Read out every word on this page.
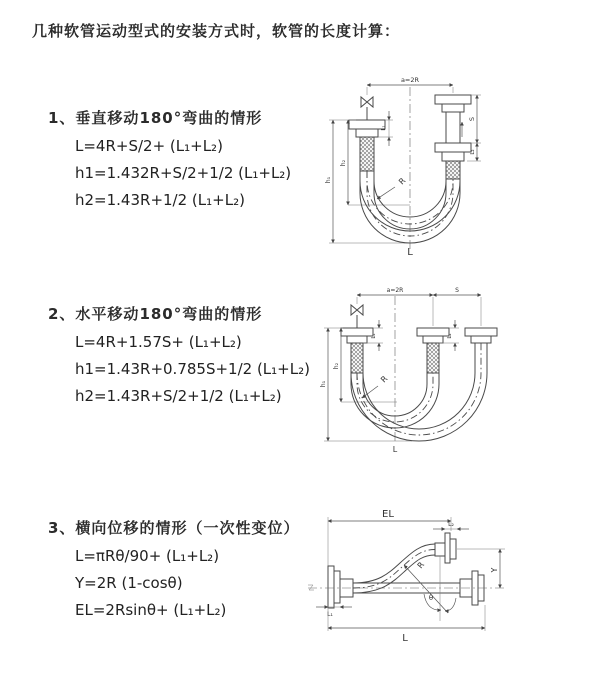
几种软管运动型式的安装方式时，软管的长度计算：
1、垂直移动180°弯曲的情形
L=4R+S/2+ (L₁+L₂)
h1=1.432R+S/2+1/2 (L₁+L₂)
h2=1.43R+1/2 (L₁+L₂)
2、水平移动180°弯曲的情形
L=4R+1.57S+ (L₁+L₂)
h1=1.43R+0.785S+1/2 (L₁+L₂)
h2=1.43R+S/2+1/2 (L₁+L₂)
3、横向位移的情形（一次性变位）
L=πRθ/90+ (L₁+L₂)
Y=2R (1-cosθ)
EL=2Rsinθ+ (L₁+L₂)
a=2R
S
L₂
L₁
h₁
h₂
R
L
a=2R	S
L₁	L₂
h₁
h₂
R
L
EL
L₂
R
θ
Y
L₁
L
